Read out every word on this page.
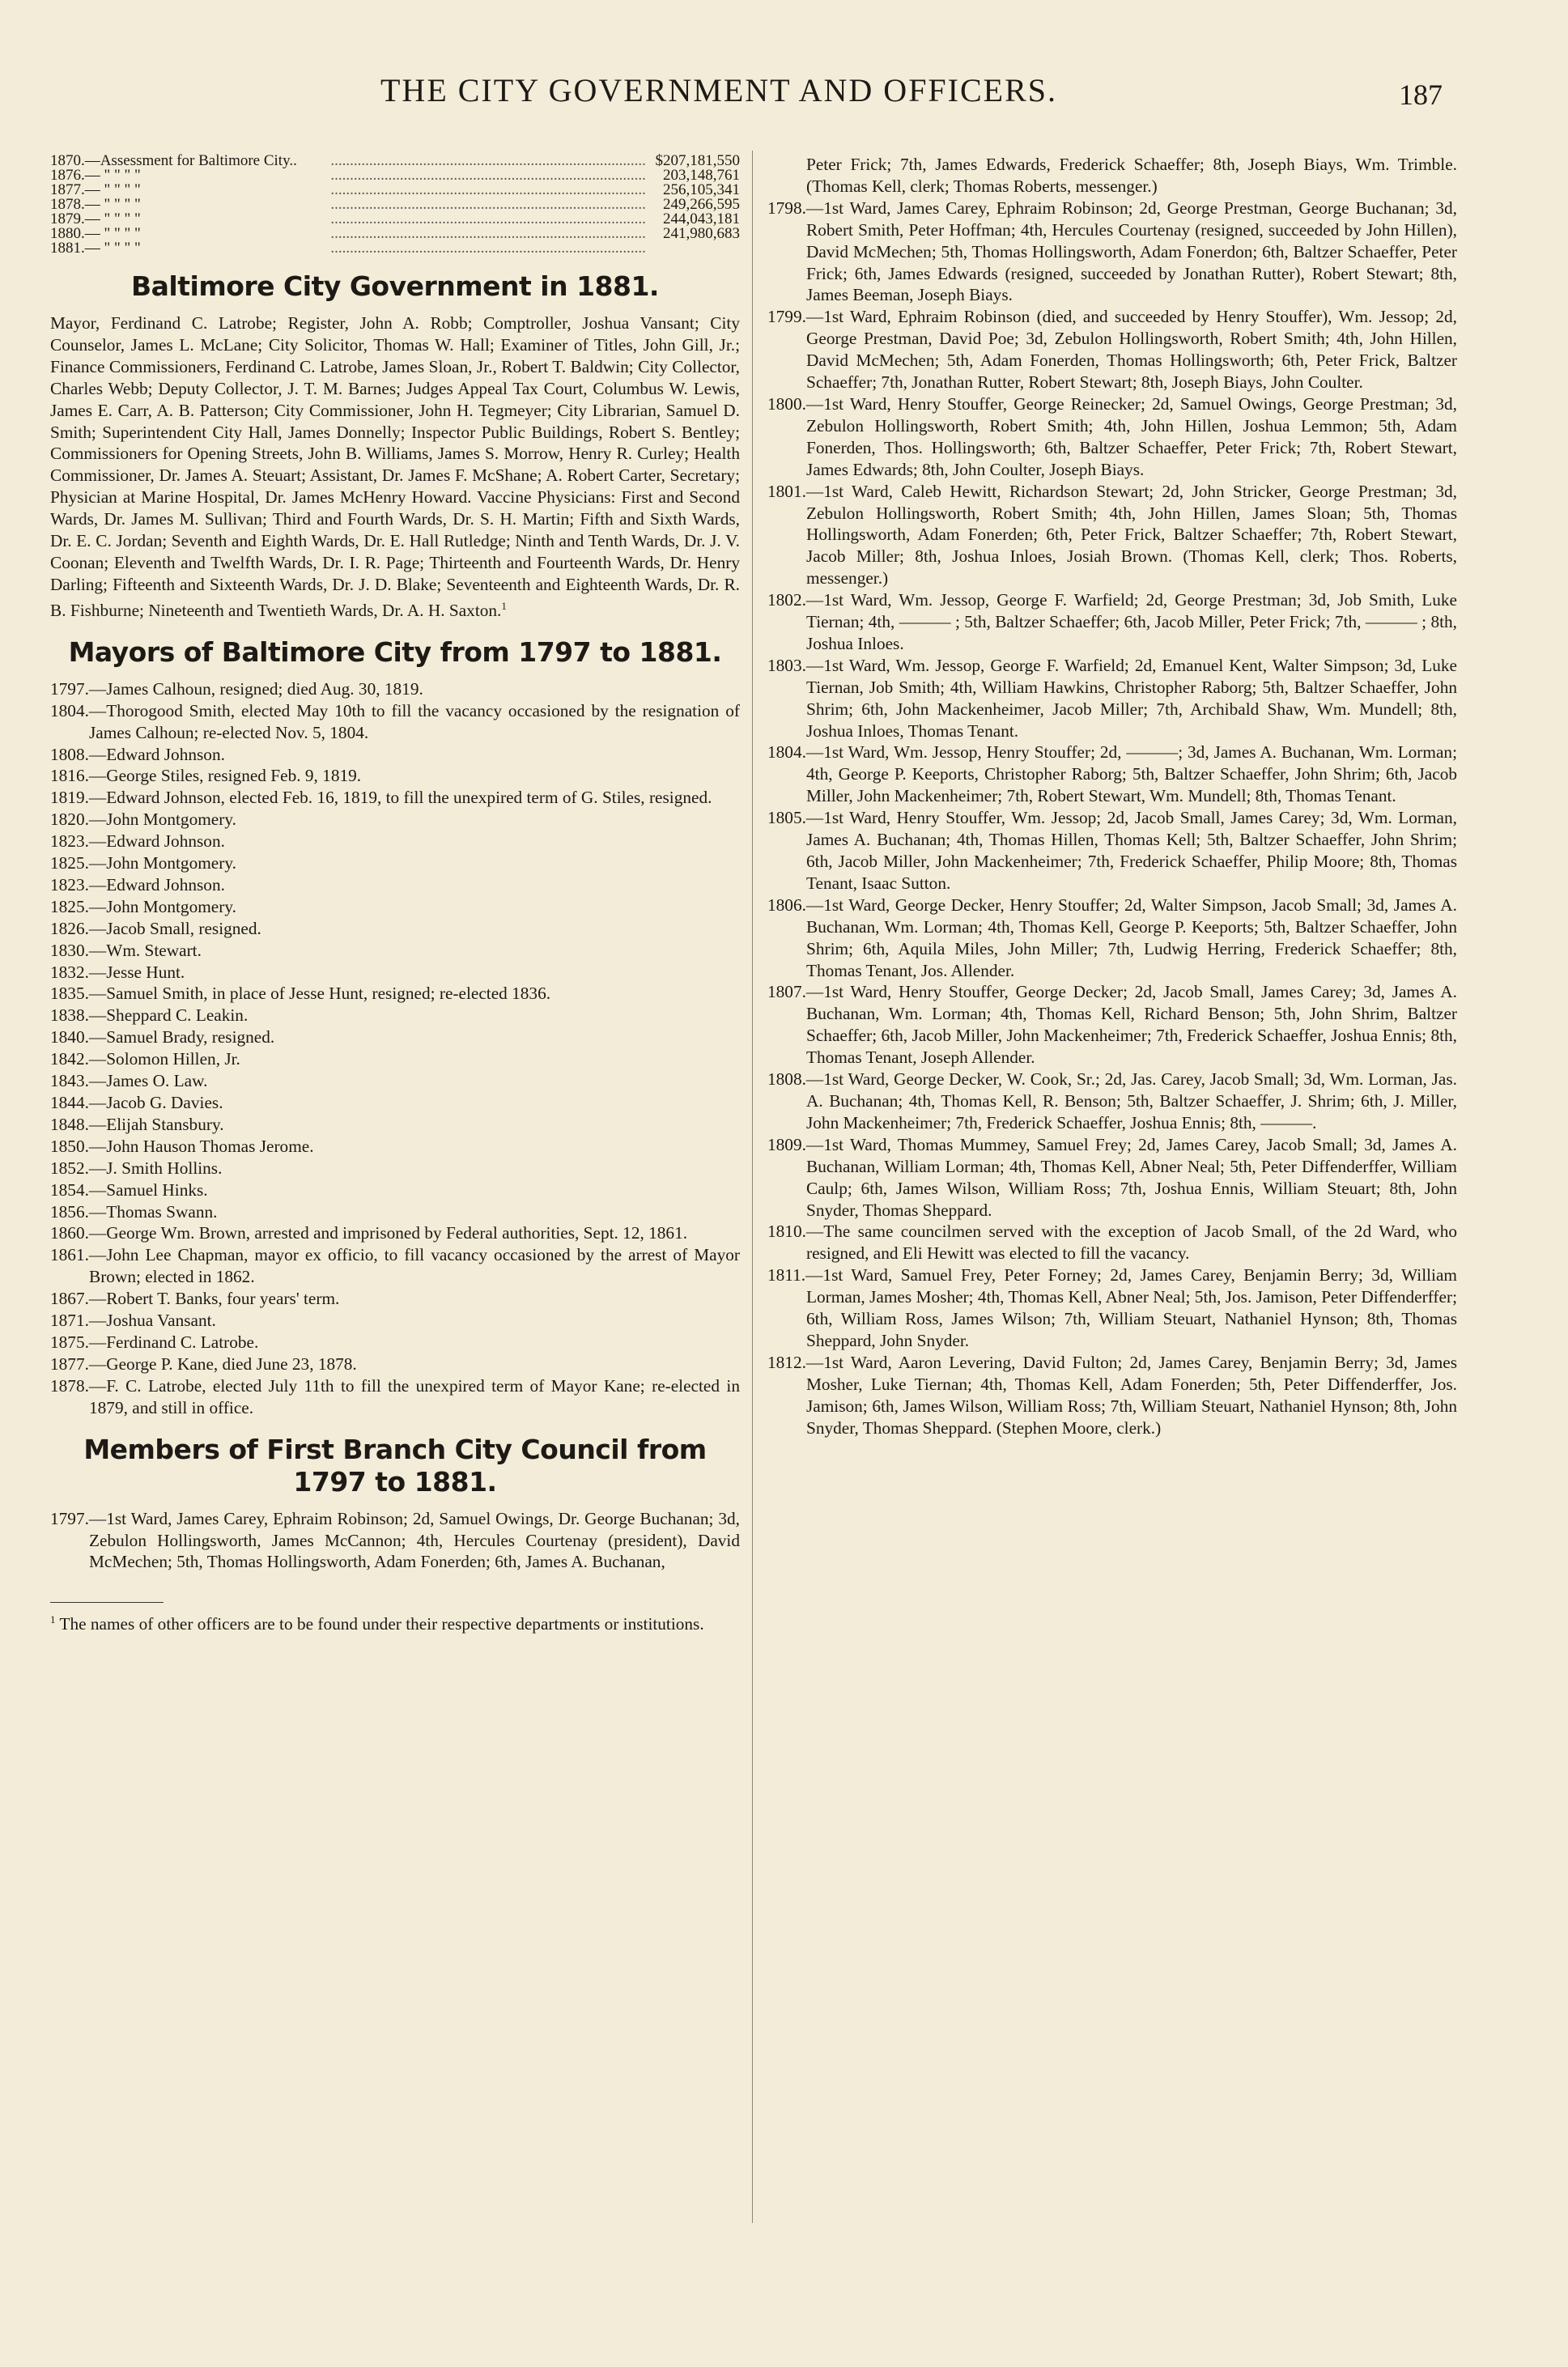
THE CITY GOVERNMENT AND OFFICERS.	187
1870.—Assessment for Baltimore City..	..................................................................................	$207,181,550
1876.— " " " "	..................................................................................	203,148,761
1877.— " " " "	..................................................................................	256,105,341
1878.— " " " "	..................................................................................	249,266,595
1879.— " " " "	..................................................................................	244,043,181
1880.— " " " "	..................................................................................	241,980,683
1881.— " " " "	..................................................................................	
Baltimore City Government in 1881.

Mayor, Ferdinand C. Latrobe; Register, John A. Robb; Comptroller, Joshua Vansant; City Counselor, James L. McLane; City Solicitor, Thomas W. Hall; Examiner of Titles, John Gill, Jr.; Finance Commissioners, Ferdinand C. Latrobe, James Sloan, Jr., Robert T. Baldwin; City Collector, Charles Webb; Deputy Collector, J. T. M. Barnes; Judges Appeal Tax Court, Columbus W. Lewis, James E. Carr, A. B. Patterson; City Commissioner, John H. Tegmeyer; City Librarian, Samuel D. Smith; Superintendent City Hall, James Donnelly; Inspector Public Buildings, Robert S. Bentley; Commissioners for Opening Streets, John B. Williams, James S. Morrow, Henry R. Curley; Health Commissioner, Dr. James A. Steuart; Assistant, Dr. James F. McShane; A. Robert Carter, Secretary; Physician at Marine Hospital, Dr. James McHenry Howard. Vaccine Physicians: First and Second Wards, Dr. James M. Sullivan; Third and Fourth Wards, Dr. S. H. Martin; Fifth and Sixth Wards, Dr. E. C. Jordan; Seventh and Eighth Wards, Dr. E. Hall Rutledge; Ninth and Tenth Wards, Dr. J. V. Coonan; Eleventh and Twelfth Wards, Dr. I. R. Page; Thirteenth and Fourteenth Wards, Dr. Henry Darling; Fifteenth and Sixteenth Wards, Dr. J. D. Blake; Seventeenth and Eighteenth Wards, Dr. R. B. Fishburne; Nineteenth and Twentieth Wards, Dr. A. H. Saxton.$^1$

Mayors of Baltimore City from 1797 to 1881.

1797.—James Calhoun, resigned; died Aug. 30, 1819.

1804.—Thorogood Smith, elected May 10th to fill the vacancy occasioned by the resignation of James Calhoun; re-elected Nov. 5, 1804.

1808.—Edward Johnson.

1816.—George Stiles, resigned Feb. 9, 1819.

1819.—Edward Johnson, elected Feb. 16, 1819, to fill the unexpired term of G. Stiles, resigned.

1820.—John Montgomery.

1823.—Edward Johnson.

1825.—John Montgomery.

1823.—Edward Johnson.

1825.—John Montgomery.

1826.—Jacob Small, resigned.

1830.—Wm. Stewart.

1832.—Jesse Hunt.

1835.—Samuel Smith, in place of Jesse Hunt, resigned; re-elected 1836.

1838.—Sheppard C. Leakin.

1840.—Samuel Brady, resigned.

1842.—Solomon Hillen, Jr.

1843.—James O. Law.

1844.—Jacob G. Davies.

1848.—Elijah Stansbury.

1850.—John Hauson Thomas Jerome.

1852.—J. Smith Hollins.

1854.—Samuel Hinks.

1856.—Thomas Swann.

1860.—George Wm. Brown, arrested and imprisoned by Federal authorities, Sept. 12, 1861.

1861.—John Lee Chapman, mayor ex officio, to fill vacancy occasioned by the arrest of Mayor Brown; elected in 1862.

1867.—Robert T. Banks, four years' term.

1871.—Joshua Vansant.

1875.—Ferdinand C. Latrobe.

1877.—George P. Kane, died June 23, 1878.

1878.—F. C. Latrobe, elected July 11th to fill the unexpired term of Mayor Kane; re-elected in 1879, and still in office.

Members of First Branch City Council from
1797 to 1881.

1797.—1st Ward, James Carey, Ephraim Robinson; 2d, Samuel Owings, Dr. George Buchanan; 3d, Zebulon Hollingsworth, James McCannon; 4th, Hercules Courtenay (president), David McMechen; 5th, Thomas Hollingsworth, Adam Fonerden; 6th, James A. Buchanan,

$^1$ The names of other officers are to be found under their respective departments or institutions.

Peter Frick; 7th, James Edwards, Frederick Schaeffer; 8th, Joseph Biays, Wm. Trimble. (Thomas Kell, clerk; Thomas Roberts, messenger.)

1798.—1st Ward, James Carey, Ephraim Robinson; 2d, George Prestman, George Buchanan; 3d, Robert Smith, Peter Hoffman; 4th, Hercules Courtenay (resigned, succeeded by John Hillen), David McMechen; 5th, Thomas Hollingsworth, Adam Fonerdon; 6th, Baltzer Schaeffer, Peter Frick; 6th, James Edwards (resigned, succeeded by Jonathan Rutter), Robert Stewart; 8th, James Beeman, Joseph Biays.

1799.—1st Ward, Ephraim Robinson (died, and succeeded by Henry Stouffer), Wm. Jessop; 2d, George Prestman, David Poe; 3d, Zebulon Hollingsworth, Robert Smith; 4th, John Hillen, David McMechen; 5th, Adam Fonerden, Thomas Hollingsworth; 6th, Peter Frick, Baltzer Schaeffer; 7th, Jonathan Rutter, Robert Stewart; 8th, Joseph Biays, John Coulter.

1800.—1st Ward, Henry Stouffer, George Reinecker; 2d, Samuel Owings, George Prestman; 3d, Zebulon Hollingsworth, Robert Smith; 4th, John Hillen, Joshua Lemmon; 5th, Adam Fonerden, Thos. Hollingsworth; 6th, Baltzer Schaeffer, Peter Frick; 7th, Robert Stewart, James Edwards; 8th, John Coulter, Joseph Biays.

1801.—1st Ward, Caleb Hewitt, Richardson Stewart; 2d, John Stricker, George Prestman; 3d, Zebulon Hollingsworth, Robert Smith; 4th, John Hillen, James Sloan; 5th, Thomas Hollingsworth, Adam Fonerden; 6th, Peter Frick, Baltzer Schaeffer; 7th, Robert Stewart, Jacob Miller; 8th, Joshua Inloes, Josiah Brown. (Thomas Kell, clerk; Thos. Roberts, messenger.)

1802.—1st Ward, Wm. Jessop, George F. Warfield; 2d, George Prestman; 3d, Job Smith, Luke Tiernan; 4th, ——— ; 5th, Baltzer Schaeffer; 6th, Jacob Miller, Peter Frick; 7th, ——— ; 8th, Joshua Inloes.

1803.—1st Ward, Wm. Jessop, George F. Warfield; 2d, Emanuel Kent, Walter Simpson; 3d, Luke Tiernan, Job Smith; 4th, William Hawkins, Christopher Raborg; 5th, Baltzer Schaeffer, John Shrim; 6th, John Mackenheimer, Jacob Miller; 7th, Archibald Shaw, Wm. Mundell; 8th, Joshua Inloes, Thomas Tenant.

1804.—1st Ward, Wm. Jessop, Henry Stouffer; 2d, ———; 3d, James A. Buchanan, Wm. Lorman; 4th, George P. Keeports, Christopher Raborg; 5th, Baltzer Schaeffer, John Shrim; 6th, Jacob Miller, John Mackenheimer; 7th, Robert Stewart, Wm. Mundell; 8th, Thomas Tenant.

1805.—1st Ward, Henry Stouffer, Wm. Jessop; 2d, Jacob Small, James Carey; 3d, Wm. Lorman, James A. Buchanan; 4th, Thomas Hillen, Thomas Kell; 5th, Baltzer Schaeffer, John Shrim; 6th, Jacob Miller, John Mackenheimer; 7th, Frederick Schaeffer, Philip Moore; 8th, Thomas Tenant, Isaac Sutton.

1806.—1st Ward, George Decker, Henry Stouffer; 2d, Walter Simpson, Jacob Small; 3d, James A. Buchanan, Wm. Lorman; 4th, Thomas Kell, George P. Keeports; 5th, Baltzer Schaeffer, John Shrim; 6th, Aquila Miles, John Miller; 7th, Ludwig Herring, Frederick Schaeffer; 8th, Thomas Tenant, Jos. Allender.

1807.—1st Ward, Henry Stouffer, George Decker; 2d, Jacob Small, James Carey; 3d, James A. Buchanan, Wm. Lorman; 4th, Thomas Kell, Richard Benson; 5th, John Shrim, Baltzer Schaeffer; 6th, Jacob Miller, John Mackenheimer; 7th, Frederick Schaeffer, Joshua Ennis; 8th, Thomas Tenant, Joseph Allender.

1808.—1st Ward, George Decker, W. Cook, Sr.; 2d, Jas. Carey, Jacob Small; 3d, Wm. Lorman, Jas. A. Buchanan; 4th, Thomas Kell, R. Benson; 5th, Baltzer Schaeffer, J. Shrim; 6th, J. Miller, John Mackenheimer; 7th, Frederick Schaeffer, Joshua Ennis; 8th, ———.

1809.—1st Ward, Thomas Mummey, Samuel Frey; 2d, James Carey, Jacob Small; 3d, James A. Buchanan, William Lorman; 4th, Thomas Kell, Abner Neal; 5th, Peter Diffenderffer, William Caulp; 6th, James Wilson, William Ross; 7th, Joshua Ennis, William Steuart; 8th, John Snyder, Thomas Sheppard.

1810.—The same councilmen served with the exception of Jacob Small, of the 2d Ward, who resigned, and Eli Hewitt was elected to fill the vacancy.

1811.—1st Ward, Samuel Frey, Peter Forney; 2d, James Carey, Benjamin Berry; 3d, William Lorman, James Mosher; 4th, Thomas Kell, Abner Neal; 5th, Jos. Jamison, Peter Diffenderffer; 6th, William Ross, James Wilson; 7th, William Steuart, Nathaniel Hynson; 8th, Thomas Sheppard, John Snyder.

1812.—1st Ward, Aaron Levering, David Fulton; 2d, James Carey, Benjamin Berry; 3d, James Mosher, Luke Tiernan; 4th, Thomas Kell, Adam Fonerden; 5th, Peter Diffenderffer, Jos. Jamison; 6th, James Wilson, William Ross; 7th, William Steuart, Nathaniel Hynson; 8th, John Snyder, Thomas Sheppard. (Stephen Moore, clerk.)
